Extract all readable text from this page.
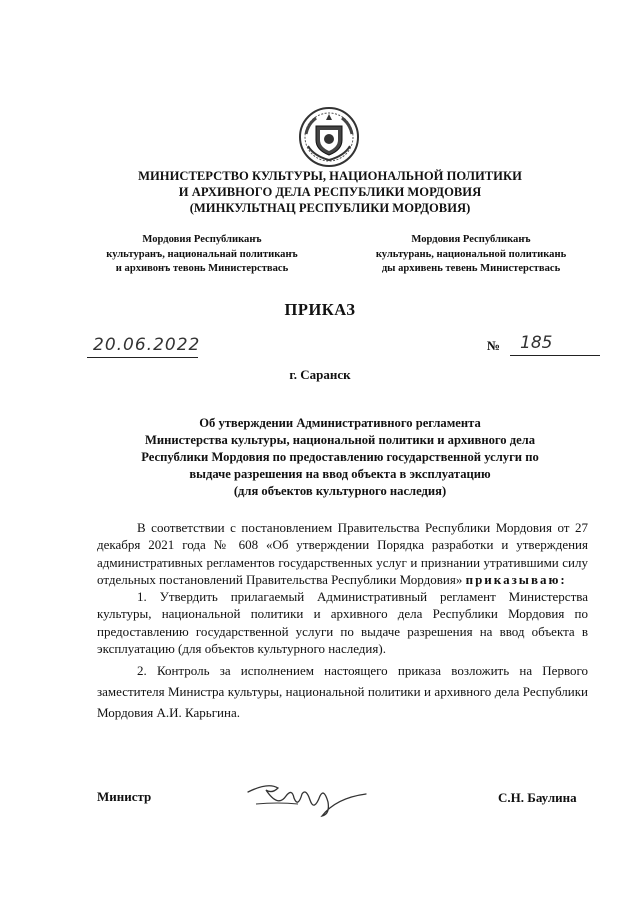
МИНИСТЕРСТВО КУЛЬТУРЫ, НАЦИОНАЛЬНОЙ ПОЛИТИКИ
И АРХИВНОГО ДЕЛА РЕСПУБЛИКИ МОРДОВИЯ
(МИНКУЛЬТНАЦ РЕСПУБЛИКИ МОРДОВИЯ)
Мордовия Республиканъ
культуранъ, национальнай политиканъ
и архивонъ тевонь Министерствась
Мордовия Республиканъ
культурань, национальной политикань
ды архивень тевень Министерствась
ПРИКАЗ
20.06.2022	№	185
г. Саранск
Об утверждении Административного регламента
Министерства культуры, национальной политики и архивного дела
Республики Мордовия по предоставлению государственной услуги по
выдаче разрешения на ввод объекта в эксплуатацию
(для объектов культурного наследия)

В соответствии с постановлением Правительства Республики Мордовия от 27 декабря 2021 года № 608 «Об утверждении Порядка разработки и утверждения административных регламентов государственных услуг и признании утратившими силу отдельных постановлений Правительства Республики Мордовия» приказываю:

1. Утвердить прилагаемый Административный регламент Министерства культуры, национальной политики и архивного дела Республики Мордовия по предоставлению государственной услуги по выдаче разрешения на ввод объекта в эксплуатацию (для объектов культурного наследия).

2. Контроль за исполнением настоящего приказа возложить на Первого заместителя Министра культуры, национальной политики и архивного дела Республики Мордовия А.И. Карьгина.

Министр	С.Н. Баулина
